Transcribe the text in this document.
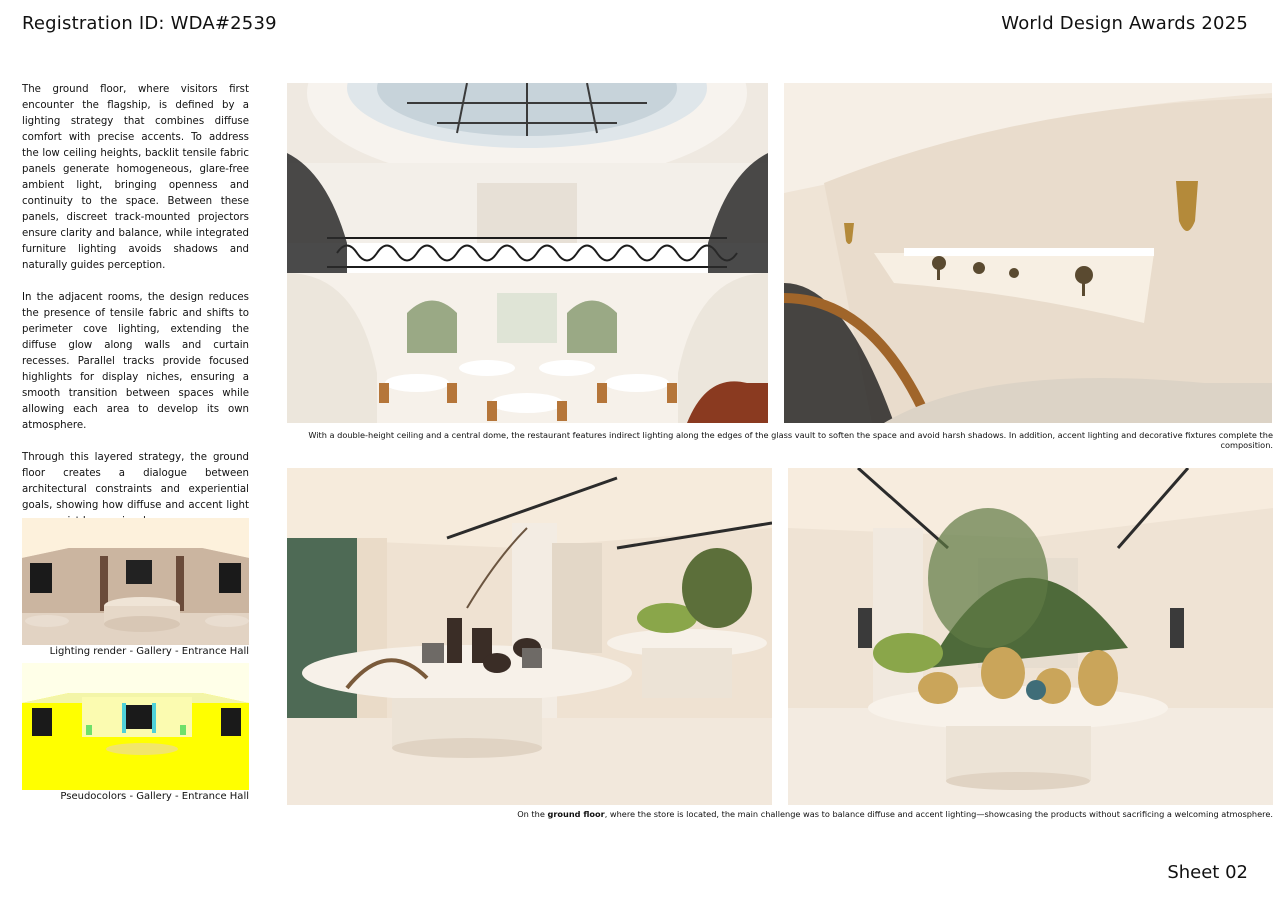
Registration ID: WDA#2539	World Design Awards 2025

The ground floor, where visitors first encounter the flagship, is defined by a lighting strategy that combines diffuse comfort with precise accents. To address the low ceiling heights, backlit tensile fabric panels generate homogeneous, glare-free ambient light, bringing openness and continuity to the space. Between these panels, discreet track-mounted projectors ensure clarity and balance, while integrated furniture lighting avoids shadows and naturally guides perception.

In the adjacent rooms, the design reduces the presence of tensile fabric and shifts to perimeter cove lighting, extending the diffuse glow along walls and curtain recesses. Parallel tracks provide focused highlights for display niches, ensuring a smooth transition between spaces while allowing each area to develop its own atmosphere.

Through this layered strategy, the ground floor creates a dialogue between architectural constraints and experiential goals, showing how diffuse and accent light

Lighting render - Gallery - Entrance Hall
Pseudocolors - Gallery - Entrance Hall
With a double-height ceiling and a central dome, the restaurant features indirect lighting along the edges of the glass vault to soften the space and avoid harsh shadows. In addition, accent lighting and decorative fixtures complete the composition.
On the ground floor, where the store is located, the main challenge was to balance diffuse and accent lighting—showcasing the products without sacrificing a welcoming atmosphere.
Sheet 02
